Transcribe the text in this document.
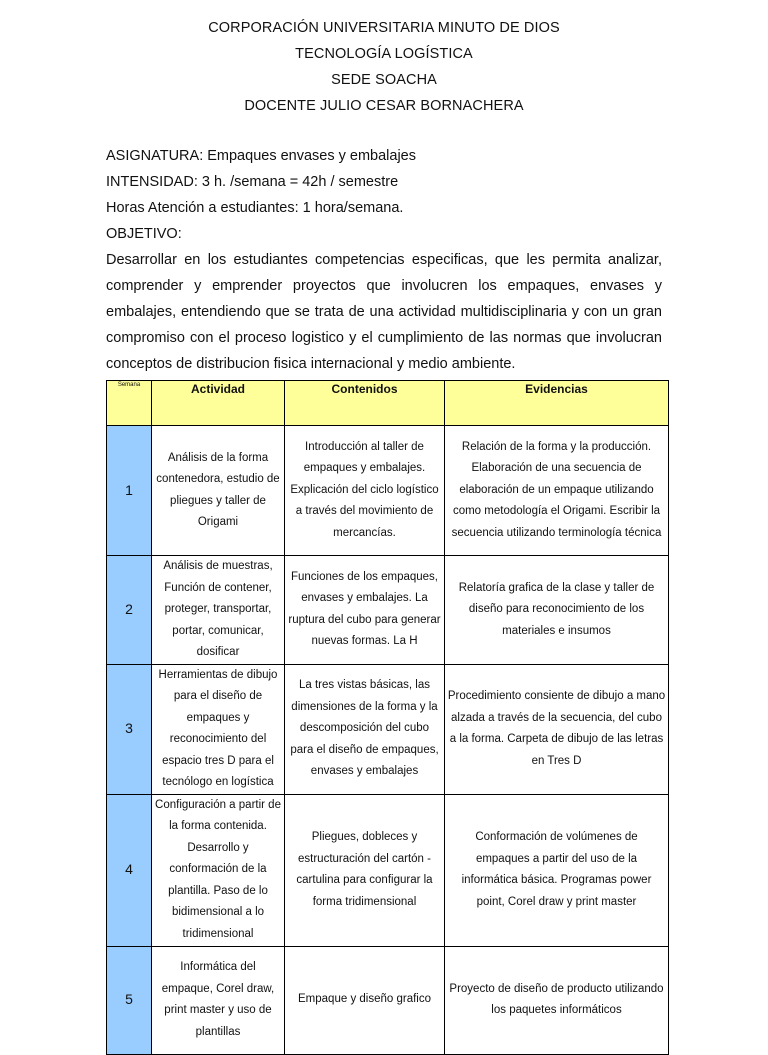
CORPORACIÓN UNIVERSITARIA MINUTO DE DIOS
TECNOLOGÍA LOGÍSTICA
SEDE SOACHA
DOCENTE JULIO CESAR BORNACHERA
ASIGNATURA: Empaques envases y embalajes
INTENSIDAD: 3 h. /semana = 42h / semestre
Horas Atención a estudiantes: 1 hora/semana.
OBJETIVO:
Desarrollar en los estudiantes competencias especificas, que les permita analizar, comprender y emprender proyectos que involucren los empaques, envases y embalajes, entendiendo que se trata de una actividad multidisciplinaria y con un gran compromiso con el proceso logistico y el cumplimiento de las normas que involucran conceptos de distribucion fisica internacional y medio ambiente.
Semana	Actividad	Contenidos	Evidencias
1	Análisis de la forma contenedora, estudio de pliegues y taller de Origami	Introducción al taller de empaques y embalajes. Explicación del ciclo logístico a través del movimiento de mercancías.	Relación de la forma y la producción. Elaboración de una secuencia de elaboración de un empaque utilizando como metodología el Origami. Escribir la secuencia utilizando terminología técnica
2	Análisis de muestras, Función de contener, proteger, transportar, portar, comunicar, dosificar	Funciones de los empaques, envases y embalajes. La ruptura del cubo para generar nuevas formas. La H	Relatoría grafica de la clase y taller de diseño para reconocimiento de los materiales e insumos
3	Herramientas de dibujo para el diseño de empaques y reconocimiento del espacio tres D para el tecnólogo en logística	La tres vistas básicas, las dimensiones de la forma y la descomposición del cubo para el diseño de empaques, envases y embalajes	Procedimiento consiente de dibujo a mano alzada a través de la secuencia, del cubo a la forma. Carpeta de dibujo de las letras en Tres D
4	Configuración a partir de la forma contenida. Desarrollo y conformación de la plantilla. Paso de lo bidimensional a lo tridimensional	Pliegues, dobleces y estructuración del cartón - cartulina para configurar la forma tridimensional	Conformación de volúmenes de empaques a partir del uso de la informática básica. Programas power point, Corel draw y print master
5	Informática del empaque, Corel draw, print master y uso de plantillas	Empaque y diseño grafico	Proyecto de diseño de producto utilizando los paquetes informáticos
